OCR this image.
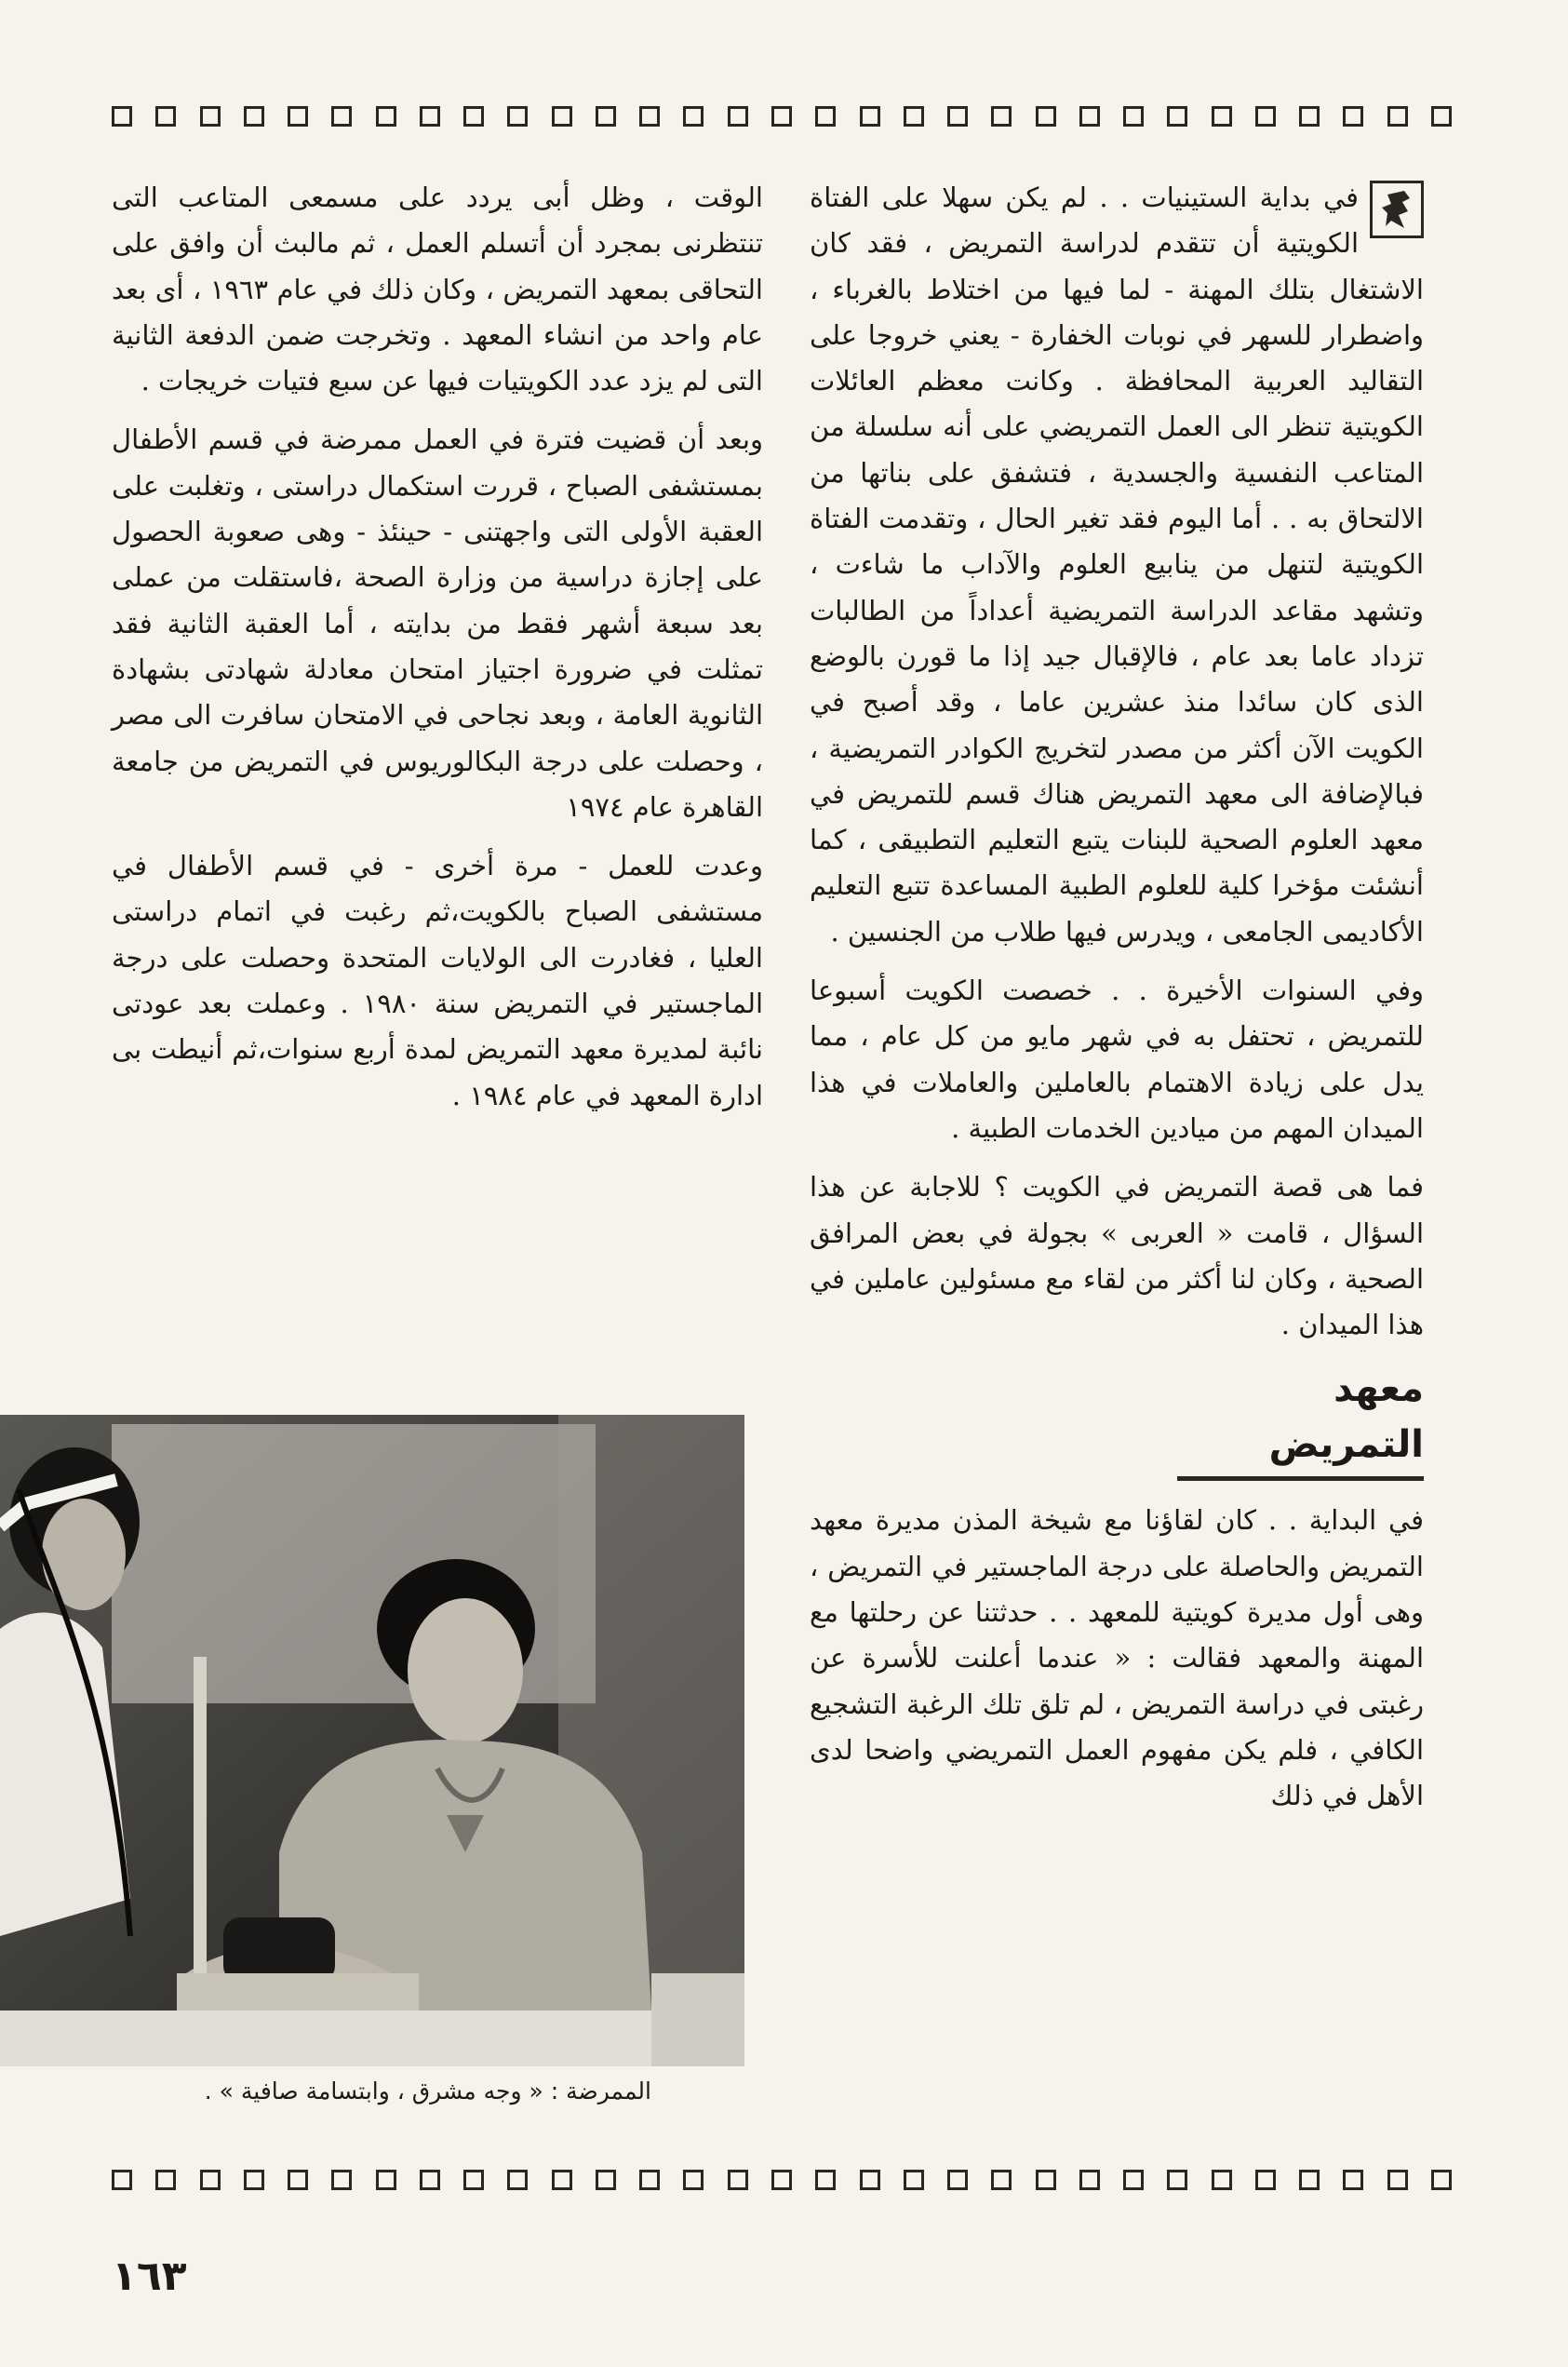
في بداية الستينيات . . لم يكن سهلا على الفتاة الكويتية أن تتقدم لدراسة التمريض ، فقد كان الاشتغال بتلك المهنة - لما فيها من اختلاط بالغرباء ، واضطرار للسهر في نوبات الخفارة - يعني خروجا على التقاليد العربية المحافظة . وكانت معظم العائلات الكويتية تنظر الى العمل التمريضي على أنه سلسلة من المتاعب النفسية والجسدية ، فتشفق على بناتها من الالتحاق به . . أما اليوم فقد تغير الحال ، وتقدمت الفتاة الكويتية لتنهل من ينابيع العلوم والآداب ما شاءت ، وتشهد مقاعد الدراسة التمريضية أعداداً من الطالبات تزداد عاما بعد عام ، فالإقبال جيد إذا ما قورن بالوضع الذى كان سائدا منذ عشرين عاما ، وقد أصبح في الكويت الآن أكثر من مصدر لتخريج الكوادر التمريضية ، فبالإضافة الى معهد التمريض هناك قسم للتمريض في معهد العلوم الصحية للبنات يتبع التعليم التطبيقى ، كما أنشئت مؤخرا كلية للعلوم الطبية المساعدة تتبع التعليم الأكاديمى الجامعى ، ويدرس فيها طلاب من الجنسين .

وفي السنوات الأخيرة . . خصصت الكويت أسبوعا للتمريض ، تحتفل به في شهر مايو من كل عام ، مما يدل على زيادة الاهتمام بالعاملين والعاملات في هذا الميدان المهم من ميادين الخدمات الطبية .

فما هى قصة التمريض في الكويت ؟ للاجابة عن هذا السؤال ، قامت « العربى » بجولة في بعض المرافق الصحية ، وكان لنا أكثر من لقاء مع مسئولين عاملين في هذا الميدان .

معهد التمريض

في البداية . . كان لقاؤنا مع شيخة المذن مديرة معهد التمريض والحاصلة على درجة الماجستير في التمريض ، وهى أول مديرة كويتية للمعهد . . حدثتنا عن رحلتها مع المهنة والمعهد فقالت : « عندما أعلنت للأسرة عن رغبتى في دراسة التمريض ، لم تلق تلك الرغبة التشجيع الكافي ، فلم يكن مفهوم العمل التمريضي واضحا لدى الأهل في ذلك

الوقت ، وظل أبى يردد على مسمعى المتاعب التى تنتظرنى بمجرد أن أتسلم العمل ، ثم مالبث أن وافق على التحاقى بمعهد التمريض ، وكان ذلك في عام ١٩٦٣ ، أى بعد عام واحد من انشاء المعهد . وتخرجت ضمن الدفعة الثانية التى لم يزد عدد الكويتيات فيها عن سبع فتيات خريجات .

وبعد أن قضيت فترة في العمل ممرضة في قسم الأطفال بمستشفى الصباح ، قررت استكمال دراستى ، وتغلبت على العقبة الأولى التى واجهتنى - حينئذ - وهى صعوبة الحصول على إجازة دراسية من وزارة الصحة ،فاستقلت من عملى بعد سبعة أشهر فقط من بدايته ، أما العقبة الثانية فقد تمثلت في ضرورة اجتياز امتحان معادلة شهادتى بشهادة الثانوية العامة ، وبعد نجاحى في الامتحان سافرت الى مصر ، وحصلت على درجة البكالوريوس في التمريض من جامعة القاهرة عام ١٩٧٤

وعدت للعمل - مرة أخرى - في قسم الأطفال في مستشفى الصباح بالكويت،ثم رغبت في اتمام دراستى العليا ، فغادرت الى الولايات المتحدة وحصلت على درجة الماجستير في التمريض سنة ١٩٨٠ . وعملت بعد عودتى نائبة لمديرة معهد التمريض لمدة أربع سنوات،ثم أنيطت بى ادارة المعهد في عام ١٩٨٤ .

الممرضة : « وجه مشرق ، وابتسامة صافية » .
١٦٣
